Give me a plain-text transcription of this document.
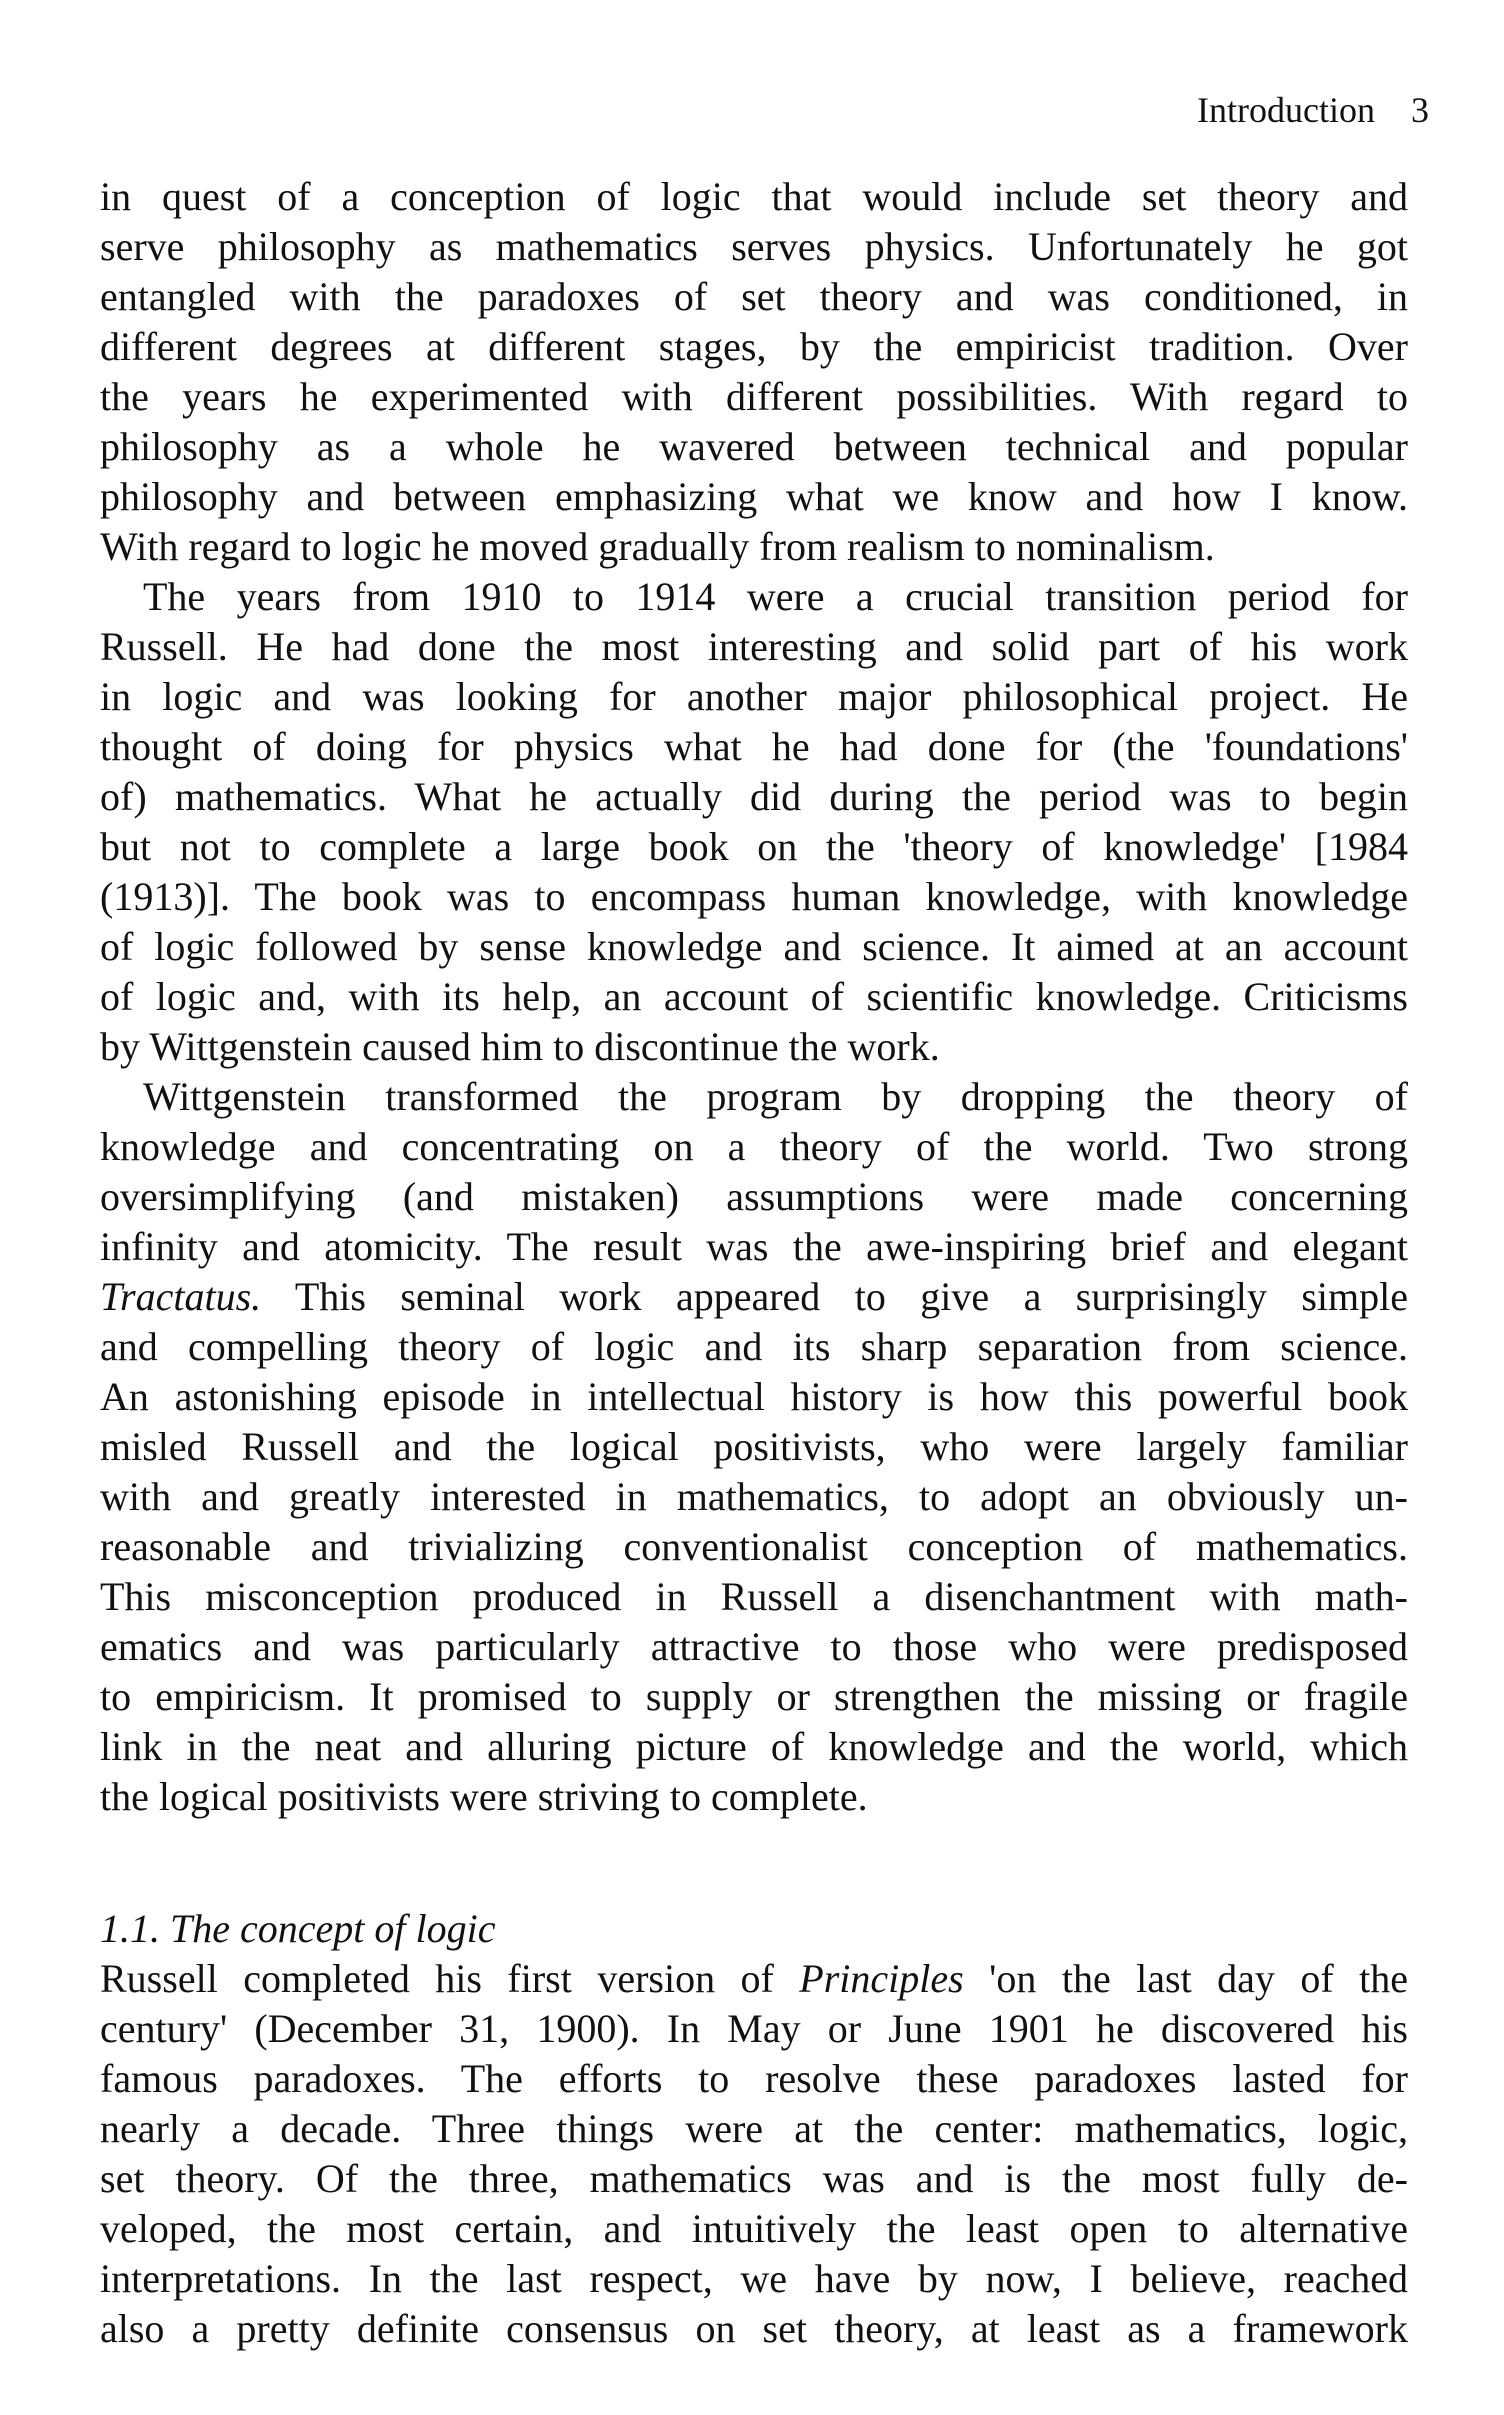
Introduction 3
in quest of a conception of logic that would include set theory and
serve philosophy as mathematics serves physics. Unfortunately he got
entangled with the paradoxes of set theory and was conditioned, in
different degrees at different stages, by the empiricist tradition. Over
the years he experimented with different possibilities. With regard to
philosophy as a whole he wavered between technical and popular
philosophy and between emphasizing what we know and how I know.
With regard to logic he moved gradually from realism to nominalism.
The years from 1910 to 1914 were a crucial transition period for
Russell. He had done the most interesting and solid part of his work
in logic and was looking for another major philosophical project. He
thought of doing for physics what he had done for (the 'foundations'
of) mathematics. What he actually did during the period was to begin
but not to complete a large book on the 'theory of knowledge' [1984
(1913)]. The book was to encompass human knowledge, with knowledge
of logic followed by sense knowledge and science. It aimed at an account
of logic and, with its help, an account of scientific knowledge. Criticisms
by Wittgenstein caused him to discontinue the work.
Wittgenstein transformed the program by dropping the theory of
knowledge and concentrating on a theory of the world. Two strong
oversimplifying (and mistaken) assumptions were made concerning
infinity and atomicity. The result was the awe-inspiring brief and elegant
Tractatus. This seminal work appeared to give a surprisingly simple
and compelling theory of logic and its sharp separation from science.
An astonishing episode in intellectual history is how this powerful book
misled Russell and the logical positivists, who were largely familiar
with and greatly interested in mathematics, to adopt an obviously un-
reasonable and trivializing conventionalist conception of mathematics.
This misconception produced in Russell a disenchantment with math-
ematics and was particularly attractive to those who were predisposed
to empiricism. It promised to supply or strengthen the missing or fragile
link in the neat and alluring picture of knowledge and the world, which
the logical positivists were striving to complete.
1.1. The concept of logic
Russell completed his first version of Principles 'on the last day of the
century' (December 31, 1900). In May or June 1901 he discovered his
famous paradoxes. The efforts to resolve these paradoxes lasted for
nearly a decade. Three things were at the center: mathematics, logic,
set theory. Of the three, mathematics was and is the most fully de-
veloped, the most certain, and intuitively the least open to alternative
interpretations. In the last respect, we have by now, I believe, reached
also a pretty definite consensus on set theory, at least as a framework
